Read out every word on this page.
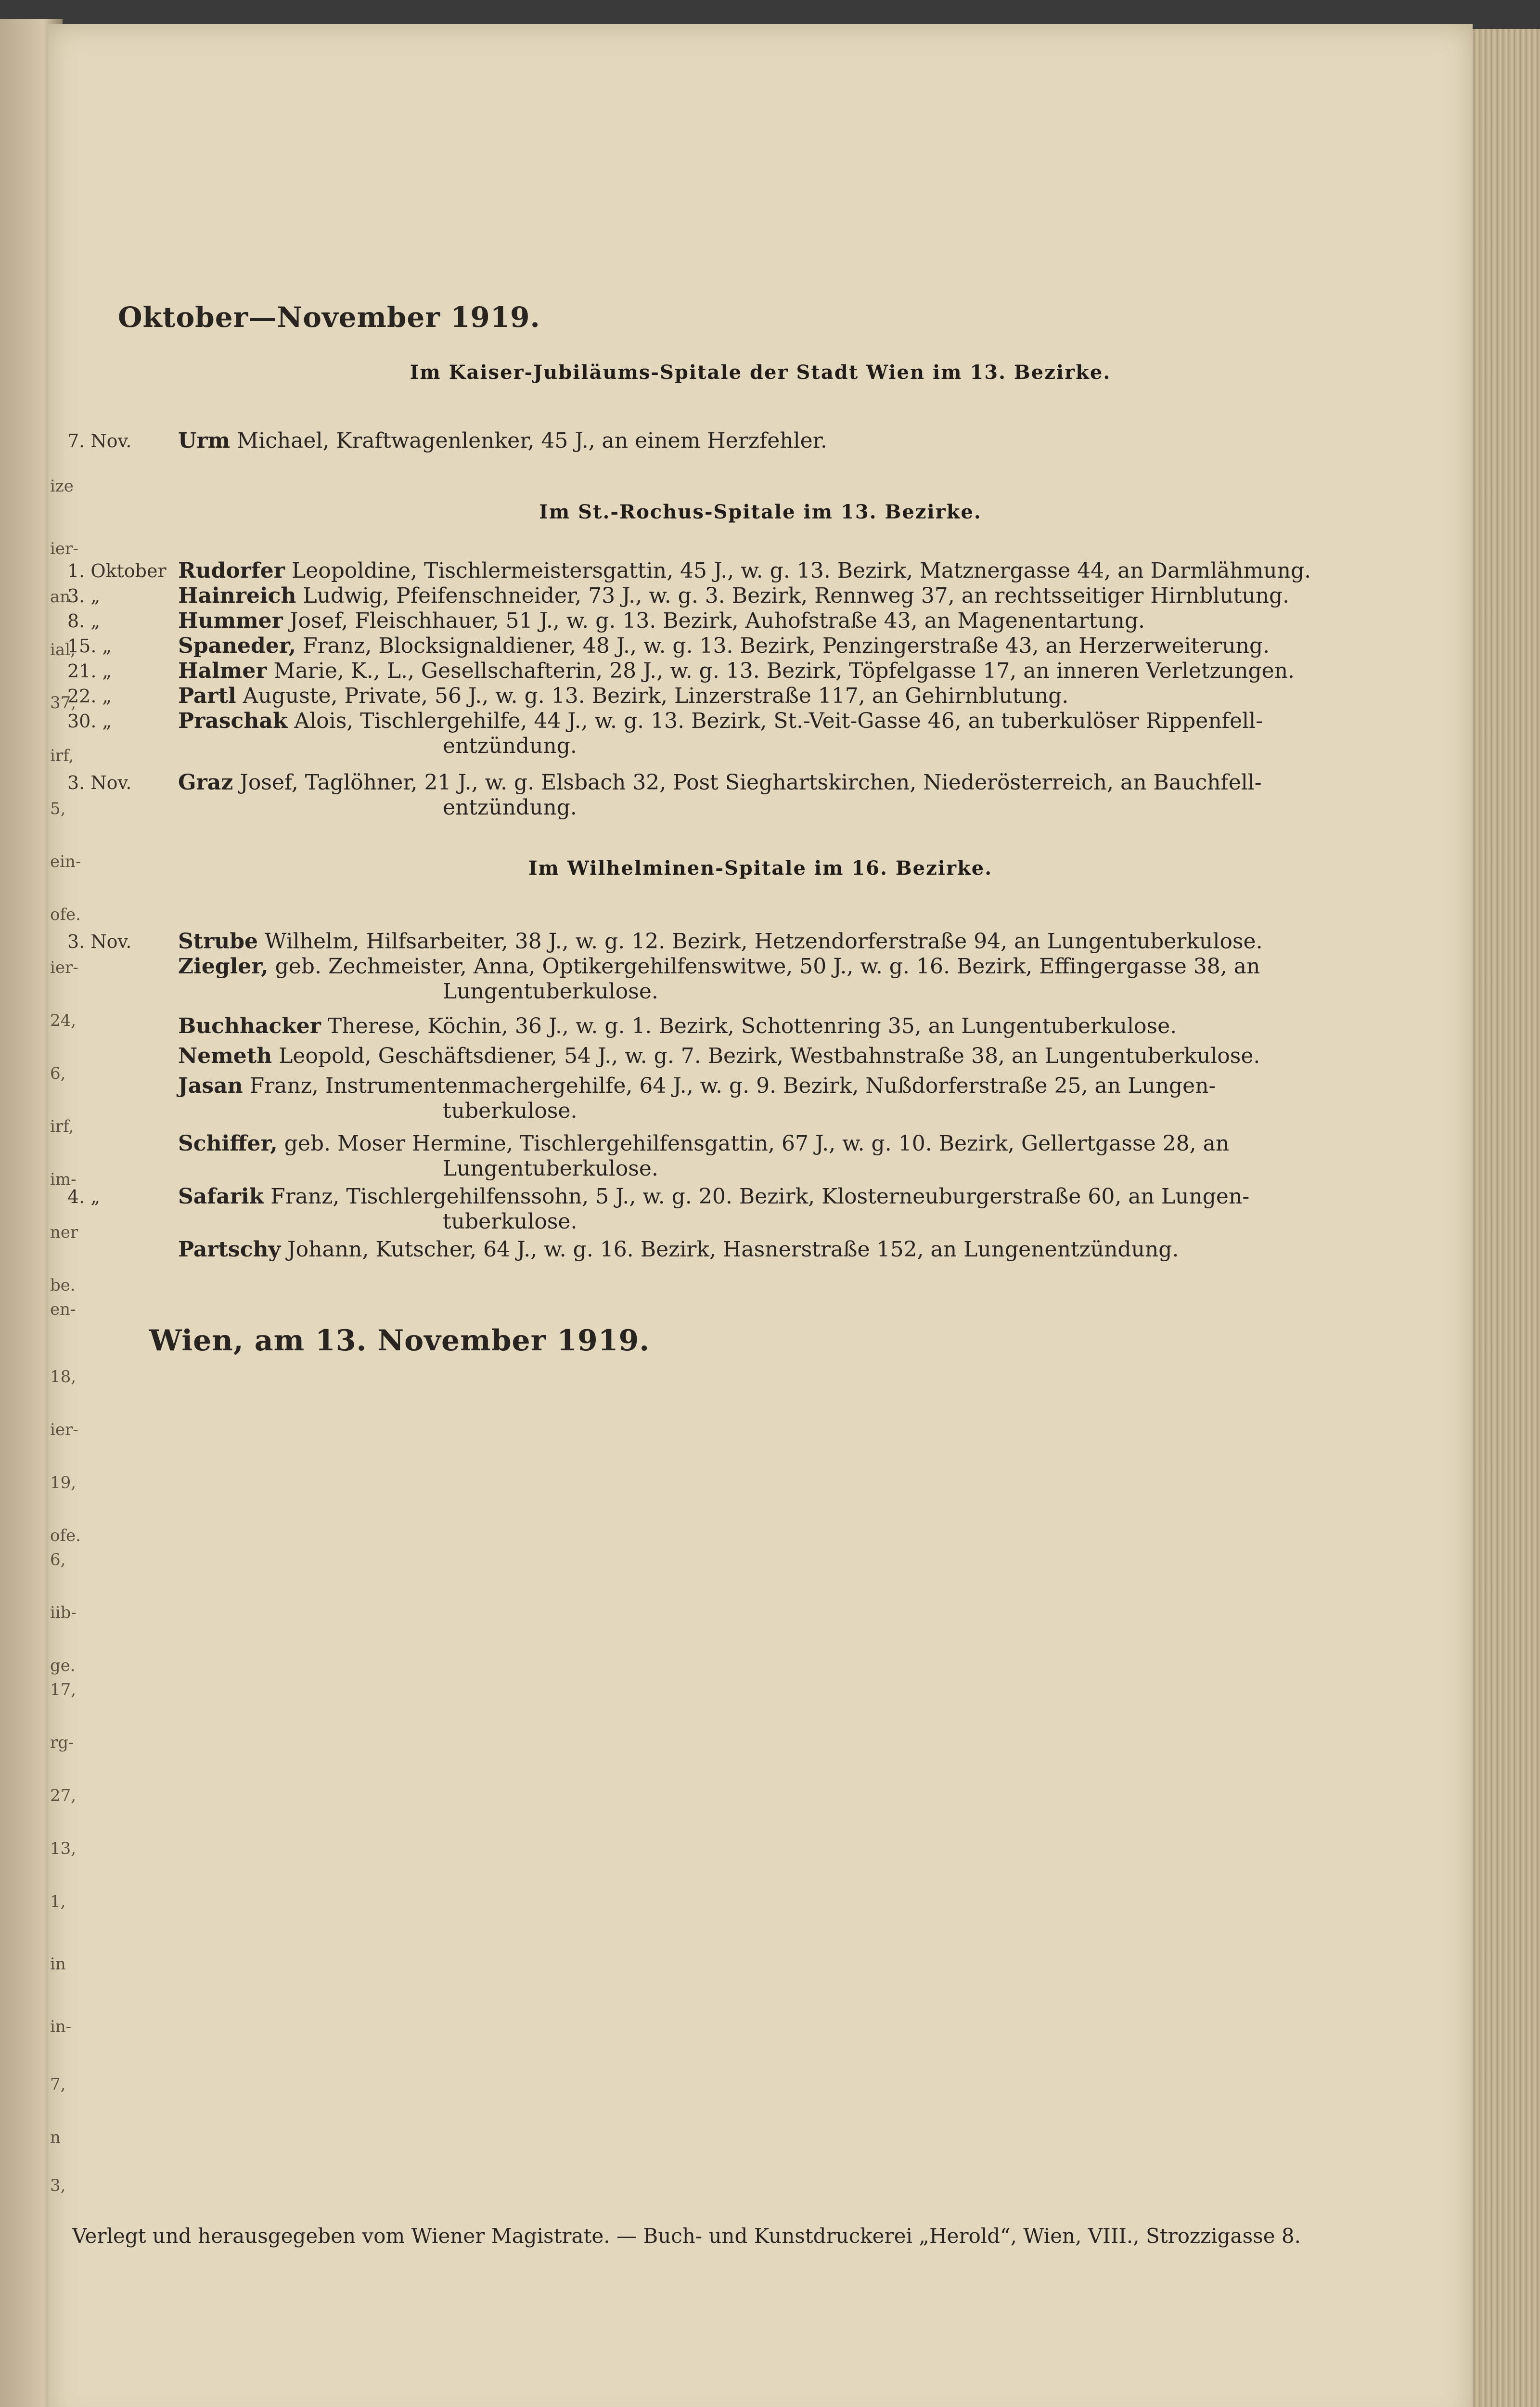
ize
ier-
an
ial,
37,
irf,
5,
ein-
ofe.
ier-
24,
6,
irf,
im-
ner
be.
en-
18,
ier-
19,
ofe.
6,
iib-
ge.
17,
rg-
27,
13,
1,
in
in-
7,
n
3,
Oktober—November 1919.
Im Kaiser-Jubiläums-Spitale der Stadt Wien im 13. Bezirke.
7. Nov.	Urm Michael, Kraftwagenlenker, 45 J., an einem Herzfehler.
Im St.-Rochus-Spitale im 13. Bezirke.
1. Oktober Rudorfer Leopoldine, Tischlermeistersgattin, 45 J., w. g. 13. Bezirk, Matznergasse 44, an Darmlähmung.
3. „	Hainreich Ludwig, Pfeifenschneider, 73 J., w. g. 3. Bezirk, Rennweg 37, an rechtsseitiger Hirnblutung.
8. „	Hummer Josef, Fleischhauer, 51 J., w. g. 13. Bezirk, Auhofstraße 43, an Magenentartung.
15. „	Spaneder, Franz, Blocksignaldiener, 48 J., w. g. 13. Bezirk, Penzingerstraße 43, an Herzerweiterung.
21. „	Halmer Marie, K., L., Gesellschafterin, 28 J., w. g. 13. Bezirk, Töpfelgasse 17, an inneren Verletzungen.
22. „	Partl Auguste, Private, 56 J., w. g. 13. Bezirk, Linzerstraße 117, an Gehirnblutung.
30. „	Praschak Alois, Tischlergehilfe, 44 J., w. g. 13. Bezirk, St.-Veit-Gasse 46, an tuberkulöser Rippenfell-
entzündung.
3. Nov.	Graz Josef, Taglöhner, 21 J., w. g. Elsbach 32, Post Sieghartskirchen, Niederösterreich, an Bauchfell-
entzündung.
Im Wilhelminen-Spitale im 16. Bezirke.
3. Nov.	Strube Wilhelm, Hilfsarbeiter, 38 J., w. g. 12. Bezirk, Hetzendorferstraße 94, an Lungentuberkulose.
Ziegler, geb. Zechmeister, Anna, Optikergehilfenswitwe, 50 J., w. g. 16. Bezirk, Effingergasse 38, an
Lungentuberkulose.
Buchhacker Therese, Köchin, 36 J., w. g. 1. Bezirk, Schottenring 35, an Lungentuberkulose.
Nemeth Leopold, Geschäftsdiener, 54 J., w. g. 7. Bezirk, Westbahnstraße 38, an Lungentuberkulose.
Jasan Franz, Instrumentenmachergehilfe, 64 J., w. g. 9. Bezirk, Nußdorferstraße 25, an Lungen-
tuberkulose.
Schiffer, geb. Moser Hermine, Tischlergehilfensgattin, 67 J., w. g. 10. Bezirk, Gellertgasse 28, an
Lungentuberkulose.
4. „	Safarik Franz, Tischlergehilfenssohn, 5 J., w. g. 20. Bezirk, Klosterneuburgerstraße 60, an Lungen-
tuberkulose.
Partschy Johann, Kutscher, 64 J., w. g. 16. Bezirk, Hasnerstraße 152, an Lungenentzündung.
Wien, am 13. November 1919.
Verlegt und herausgegeben vom Wiener Magistrate. — Buch- und Kunstdruckerei „Herold“, Wien, VIII., Strozzigasse 8.
